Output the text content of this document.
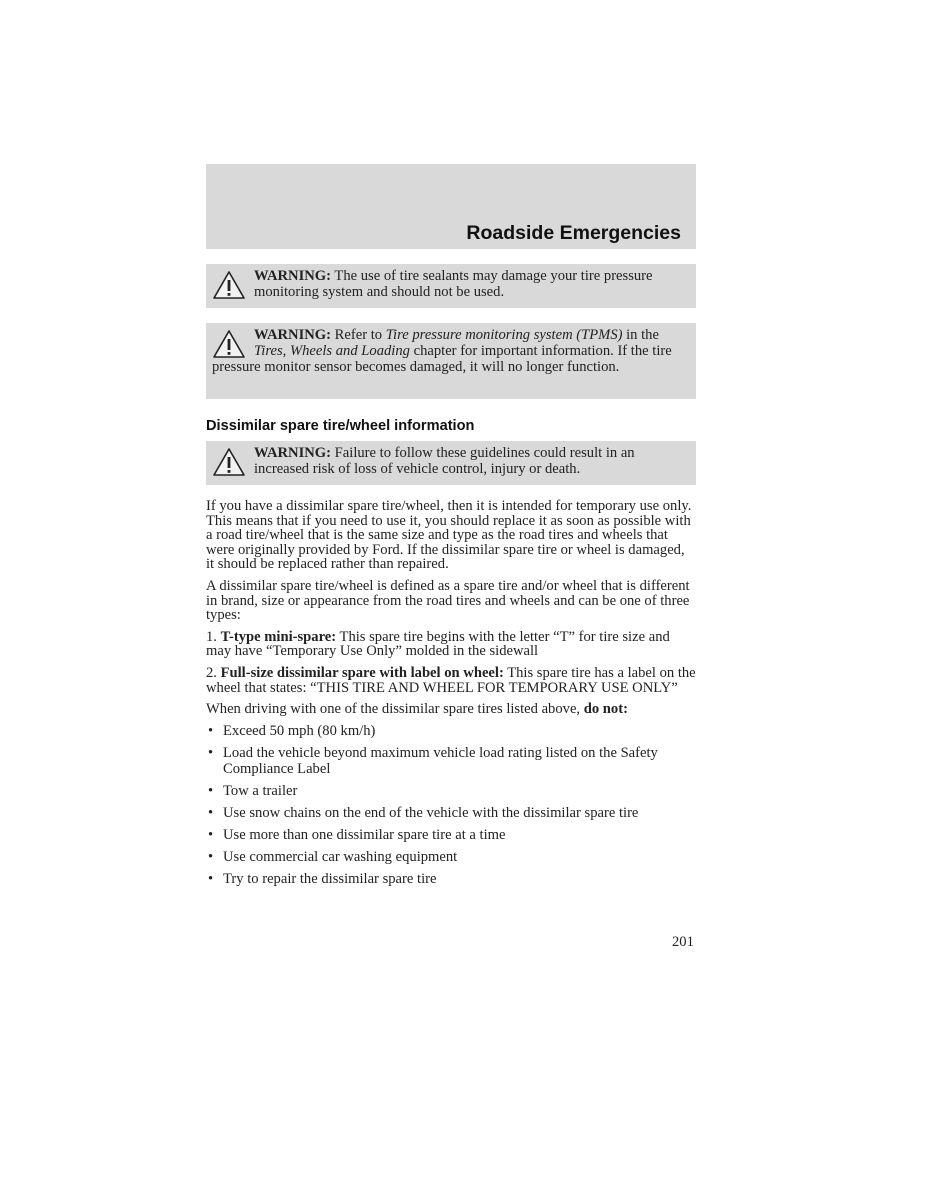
Roadside Emergencies
WARNING: The use of tire sealants may damage your tire pressure monitoring system and should not be used.
WARNING: Refer to Tire pressure monitoring system (TPMS) in the Tires, Wheels and Loading chapter for important information. If the tire pressure monitor sensor becomes damaged, it will no longer function.
Dissimilar spare tire/wheel information
WARNING: Failure to follow these guidelines could result in an increased risk of loss of vehicle control, injury or death.

If you have a dissimilar spare tire/wheel, then it is intended for temporary use only. This means that if you need to use it, you should replace it as soon as possible with a road tire/wheel that is the same size and type as the road tires and wheels that were originally provided by Ford. If the dissimilar spare tire or wheel is damaged, it should be replaced rather than repaired.

A dissimilar spare tire/wheel is defined as a spare tire and/or wheel that is different in brand, size or appearance from the road tires and wheels and can be one of three types:

1. T-type mini-spare: This spare tire begins with the letter “T” for tire size and may have “Temporary Use Only” molded in the sidewall

2. Full-size dissimilar spare with label on wheel: This spare tire has a label on the wheel that states: “THIS TIRE AND WHEEL FOR TEMPORARY USE ONLY”

When driving with one of the dissimilar spare tires listed above, do not:

• Exceed 50 mph (80 km/h)
• Load the vehicle beyond maximum vehicle load rating listed on the Safety Compliance Label
• Tow a trailer
• Use snow chains on the end of the vehicle with the dissimilar spare tire
• Use more than one dissimilar spare tire at a time
• Use commercial car washing equipment
• Try to repair the dissimilar spare tire
201
